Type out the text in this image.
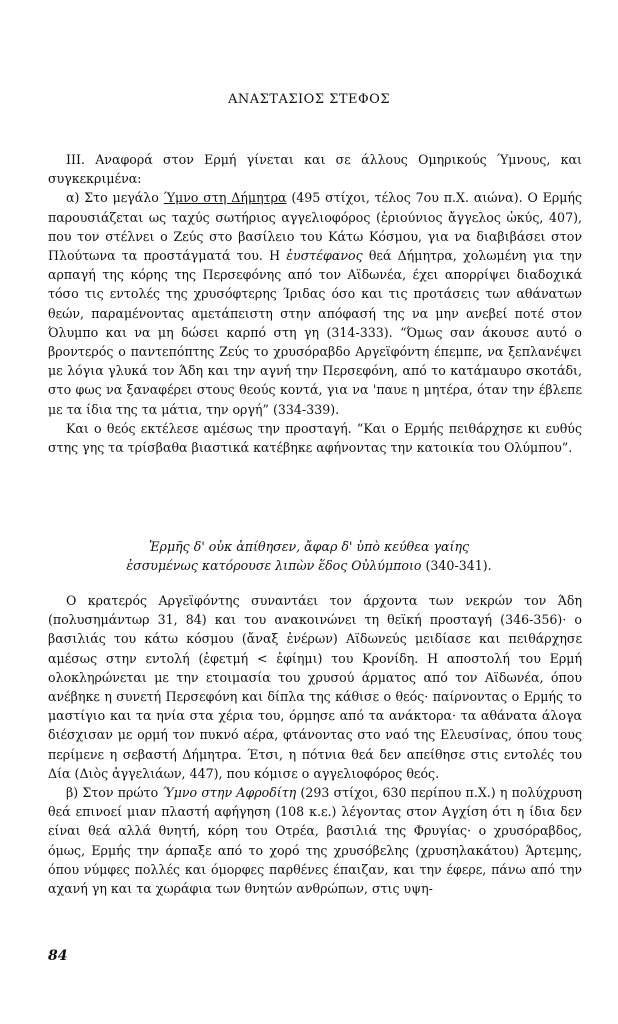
ΑΝΑΣΤΑΣΙΟΣ ΣΤΕΦΟΣ

ΙΙΙ. Αναφορά στον Ερμή γίνεται και σε άλλους Ομηρικούς Ύμνους, και συγκεκριμένα:

α) Στο μεγάλο Ύμνο στη Δήμητρα (495 στίχοι, τέλος 7ου π.Χ. αιώνα). Ο Ερμής παρουσιάζεται ως ταχύς σωτήριος αγγελιοφόρος (ἐριούνιος ἄγγελος ὠκύς, 407), που τον στέλνει ο Ζεύς στο βασίλειο του Κάτω Κόσμου, για να διαβιβάσει στον Πλούτωνα τα προστάγματά του. Η ἐυστέφανος θεά Δήμητρα, χολωμένη για την αρπαγή της κόρης της Περσεφόνης από τον Αϊδωνέα, έχει απορρίψει διαδοχικά τόσο τις εντολές της χρυσόφτερης Ίριδας όσο και τις προτάσεις των αθάνατων θεών, παραμένοντας αμετάπειστη στην απόφασή της να μην ανεβεί ποτέ στον Όλυμπο και να μη δώσει καρπό στη γη (314-333). “Όμως σαν άκουσε αυτό ο βροντερός ο παντεπόπτης Ζεύς το χρυσόραβδο Αργεϊφόντη έπεμπε, να ξεπλανέψει με λόγια γλυκά τον Άδη και την αγνή την Περσεφόνη, από το κατάμαυρο σκοτάδι, στο φως να ξαναφέρει στους θεούς κοντά, για να 'παυε η μητέρα, όταν την έβλεπε με τα ίδια της τα μάτια, την οργή” (334-339).

Και ο θεός εκτέλεσε αμέσως την προσταγή. “Και ο Ερμής πειθάρχησε κι ευθύς στης γης τα τρίσβαθα βιαστικά κατέβηκε αφήνοντας την κατοικία του Ολύμπου”.

Ἑρμῆς δ' οὐκ ἀπίθησεν, ἄφαρ δ' ὑπὸ κεύθεα γαίης
ἐσσυμένως κατόρουσε λιπὼν ἕδος Οὐλύμποιο (340-341).

Ο κρατερός Αργεϊφόντης συναντάει τον άρχοντα των νεκρών τον Άδη (πολυσημάντωρ 31, 84) και του ανακοινώνει τη θεϊκή προσταγή (346-356)· ο βασιλιάς του κάτω κόσμου (ἄναξ ἐνέρων) Αϊδωνεύς μειδίασε και πειθάρχησε αμέσως στην εντολή (ἐφετμή < ἐφίημι) του Κρονίδη. Η αποστολή του Ερμή ολοκληρώνεται με την ετοιμασία του χρυσού άρματος από τον Αϊδωνέα, όπου ανέβηκε η συνετή Περσεφόνη και δίπλα της κάθισε ο θεός· παίρνοντας ο Ερμής το μαστίγιο και τα ηνία στα χέρια του, όρμησε από τα ανάκτορα· τα αθάνατα άλογα διέσχισαν με ορμή τον πυκνό αέρα, φτάνοντας στο ναό της Ελευσίνας, όπου τους περίμενε η σεβαστή Δήμητρα. Έτσι, η πότνια θεά δεν απείθησε στις εντολές του Δία (Διὸς ἀγγελιάων, 447), που κόμισε ο αγγελιοφόρος θεός.

β) Στον πρώτο Ύμνο στην Αφροδίτη (293 στίχοι, 630 περίπου π.Χ.) η πολύχρυση θεά επινοεί μιαν πλαστή αφήγηση (108 κ.ε.) λέγοντας στον Αγχίση ότι η ίδια δεν είναι θεά αλλά θνητή, κόρη του Οτρέα, βασιλιά της Φρυγίας· ο χρυσόραβδος, όμως, Ερμής την άρπαξε από το χορό της χρυσόβελης (χρυσηλακάτου) Άρτεμης, όπου νύμφες πολλές και όμορφες παρθένες έπαιζαν, και την έφερε, πάνω από την αχανή γη και τα χωράφια των θνητών ανθρώπων, στις υψη-

84
